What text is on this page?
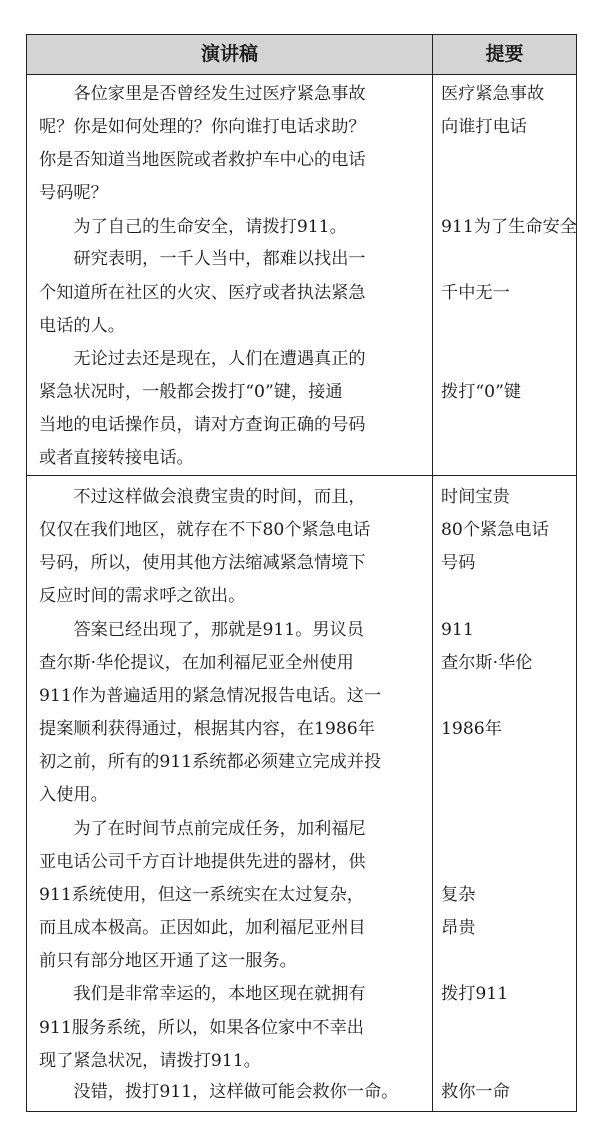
演讲稿	提要
　　各位家里是否曾经发生过医疗紧急事故
呢？你是如何处理的？你向谁打电话求助？
你是否知道当地医院或者救护车中心的电话
号码呢？
　　为了自己的生命安全，请拨打911。
　　研究表明，一千人当中，都难以找出一
个知道所在社区的火灾、医疗或者执法紧急
电话的人。
　　无论过去还是现在，人们在遭遇真正的
紧急状况时，一般都会拨打“0”键，接通
当地的电话操作员，请对方查询正确的号码
或者直接转接电话。
　　不过这样做会浪费宝贵的时间，而且，
仅仅在我们地区，就存在不下80个紧急电话
号码，所以，使用其他方法缩减紧急情境下
反应时间的需求呼之欲出。
　　答案已经出现了，那就是911。男议员
查尔斯·华伦提议，在加利福尼亚全州使用
911作为普遍适用的紧急情况报告电话。这一
提案顺利获得通过，根据其内容，在1986年
初之前，所有的911系统都必须建立完成并投
入使用。
　　为了在时间节点前完成任务，加利福尼
亚电话公司千方百计地提供先进的器材，供
911系统使用，但这一系统实在太过复杂，
而且成本极高。正因如此，加利福尼亚州目
前只有部分地区开通了这一服务。
　　我们是非常幸运的，本地区现在就拥有
911服务系统，所以，如果各位家中不幸出
现了紧急状况，请拨打911。
　　没错，拨打911，这样做可能会救你一命。
医疗紧急事故
向谁打电话
911为了生命安全
千中无一
拨打“0”键
时间宝贵
80个紧急电话
号码
911
查尔斯·华伦
1986年
复杂
昂贵
拨打911
救你一命
